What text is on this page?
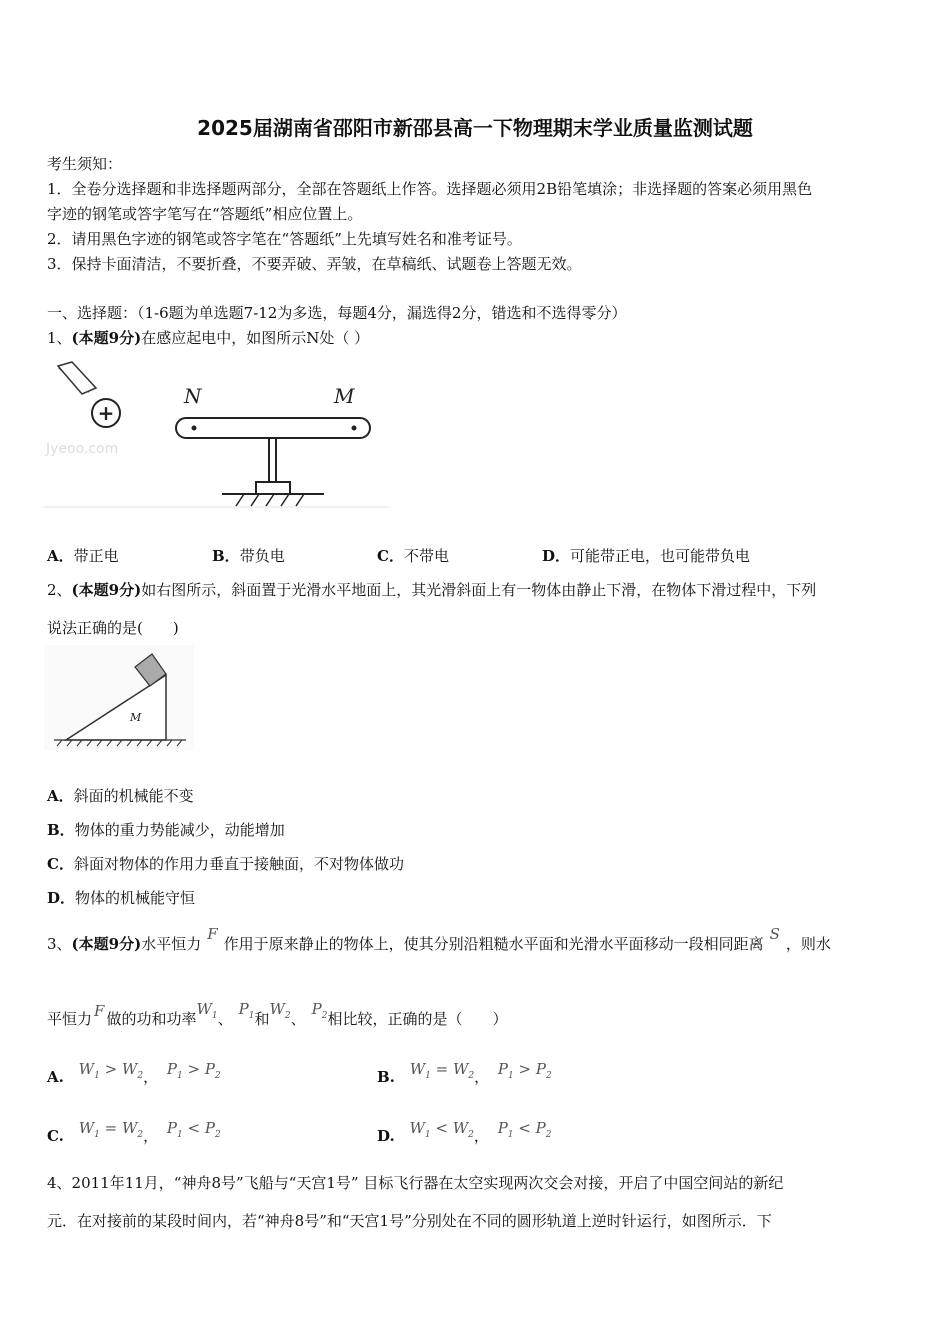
2025届湖南省邵阳市新邵县高一下物理期末学业质量监测试题
考生须知：
1．全卷分选择题和非选择题两部分，全部在答题纸上作答。选择题必须用2B铅笔填涂；非选择题的答案必须用黑色
字迹的钢笔或答字笔写在“答题纸”相应位置上。
2．请用黑色字迹的钢笔或答字笔在“答题纸”上先填写姓名和准考证号。
3．保持卡面清洁，不要折叠，不要弄破、弄皱，在草稿纸、试题卷上答题无效。
一、选择题：（1-6题为单选题7-12为多选，每题4分，漏选得2分，错选和不选得零分）
1、(本题9分)在感应起电中，如图所示N处（ ）
+
Jyeoo.com
N	M
A．带正电	B．带负电	C．不带电	D．可能带正电，也可能带负电
2、(本题9分)如右图所示，斜面置于光滑水平地面上，其光滑斜面上有一物体由静止下滑，在物体下滑过程中，下列
说法正确的是(　　)
M
A．斜面的机械能不变
B．物体的重力势能减少，动能增加
C．斜面对物体的作用力垂直于接触面，不对物体做功
D．物体的机械能守恒
3、(本题9分)水平恒力F作用于原来静止的物体上，使其分别沿粗糙水平面和光滑水平面移动一段相同距离S，则水
平恒力 F 做的功和功率$W_1$、$P_1$和$W_2$、$P_2$相比较，正确的是（　　）
A. $W_1 > W_2$， $P_1 > P_2$	B. $W_1 = W_2$， $P_1 > P_2$
C. $W_1 = W_2$， $P_1 < P_2$	D. $W_1 < W_2$， $P_1 < P_2$
4、2011年11月，“神舟8号”飞船与“天宫1号” 目标飞行器在太空实现两次交会对接，开启了中国空间站的新纪
元．在对接前的某段时间内，若“神舟8号”和“天宫1号”分别处在不同的圆形轨道上逆时针运行，如图所示．下
